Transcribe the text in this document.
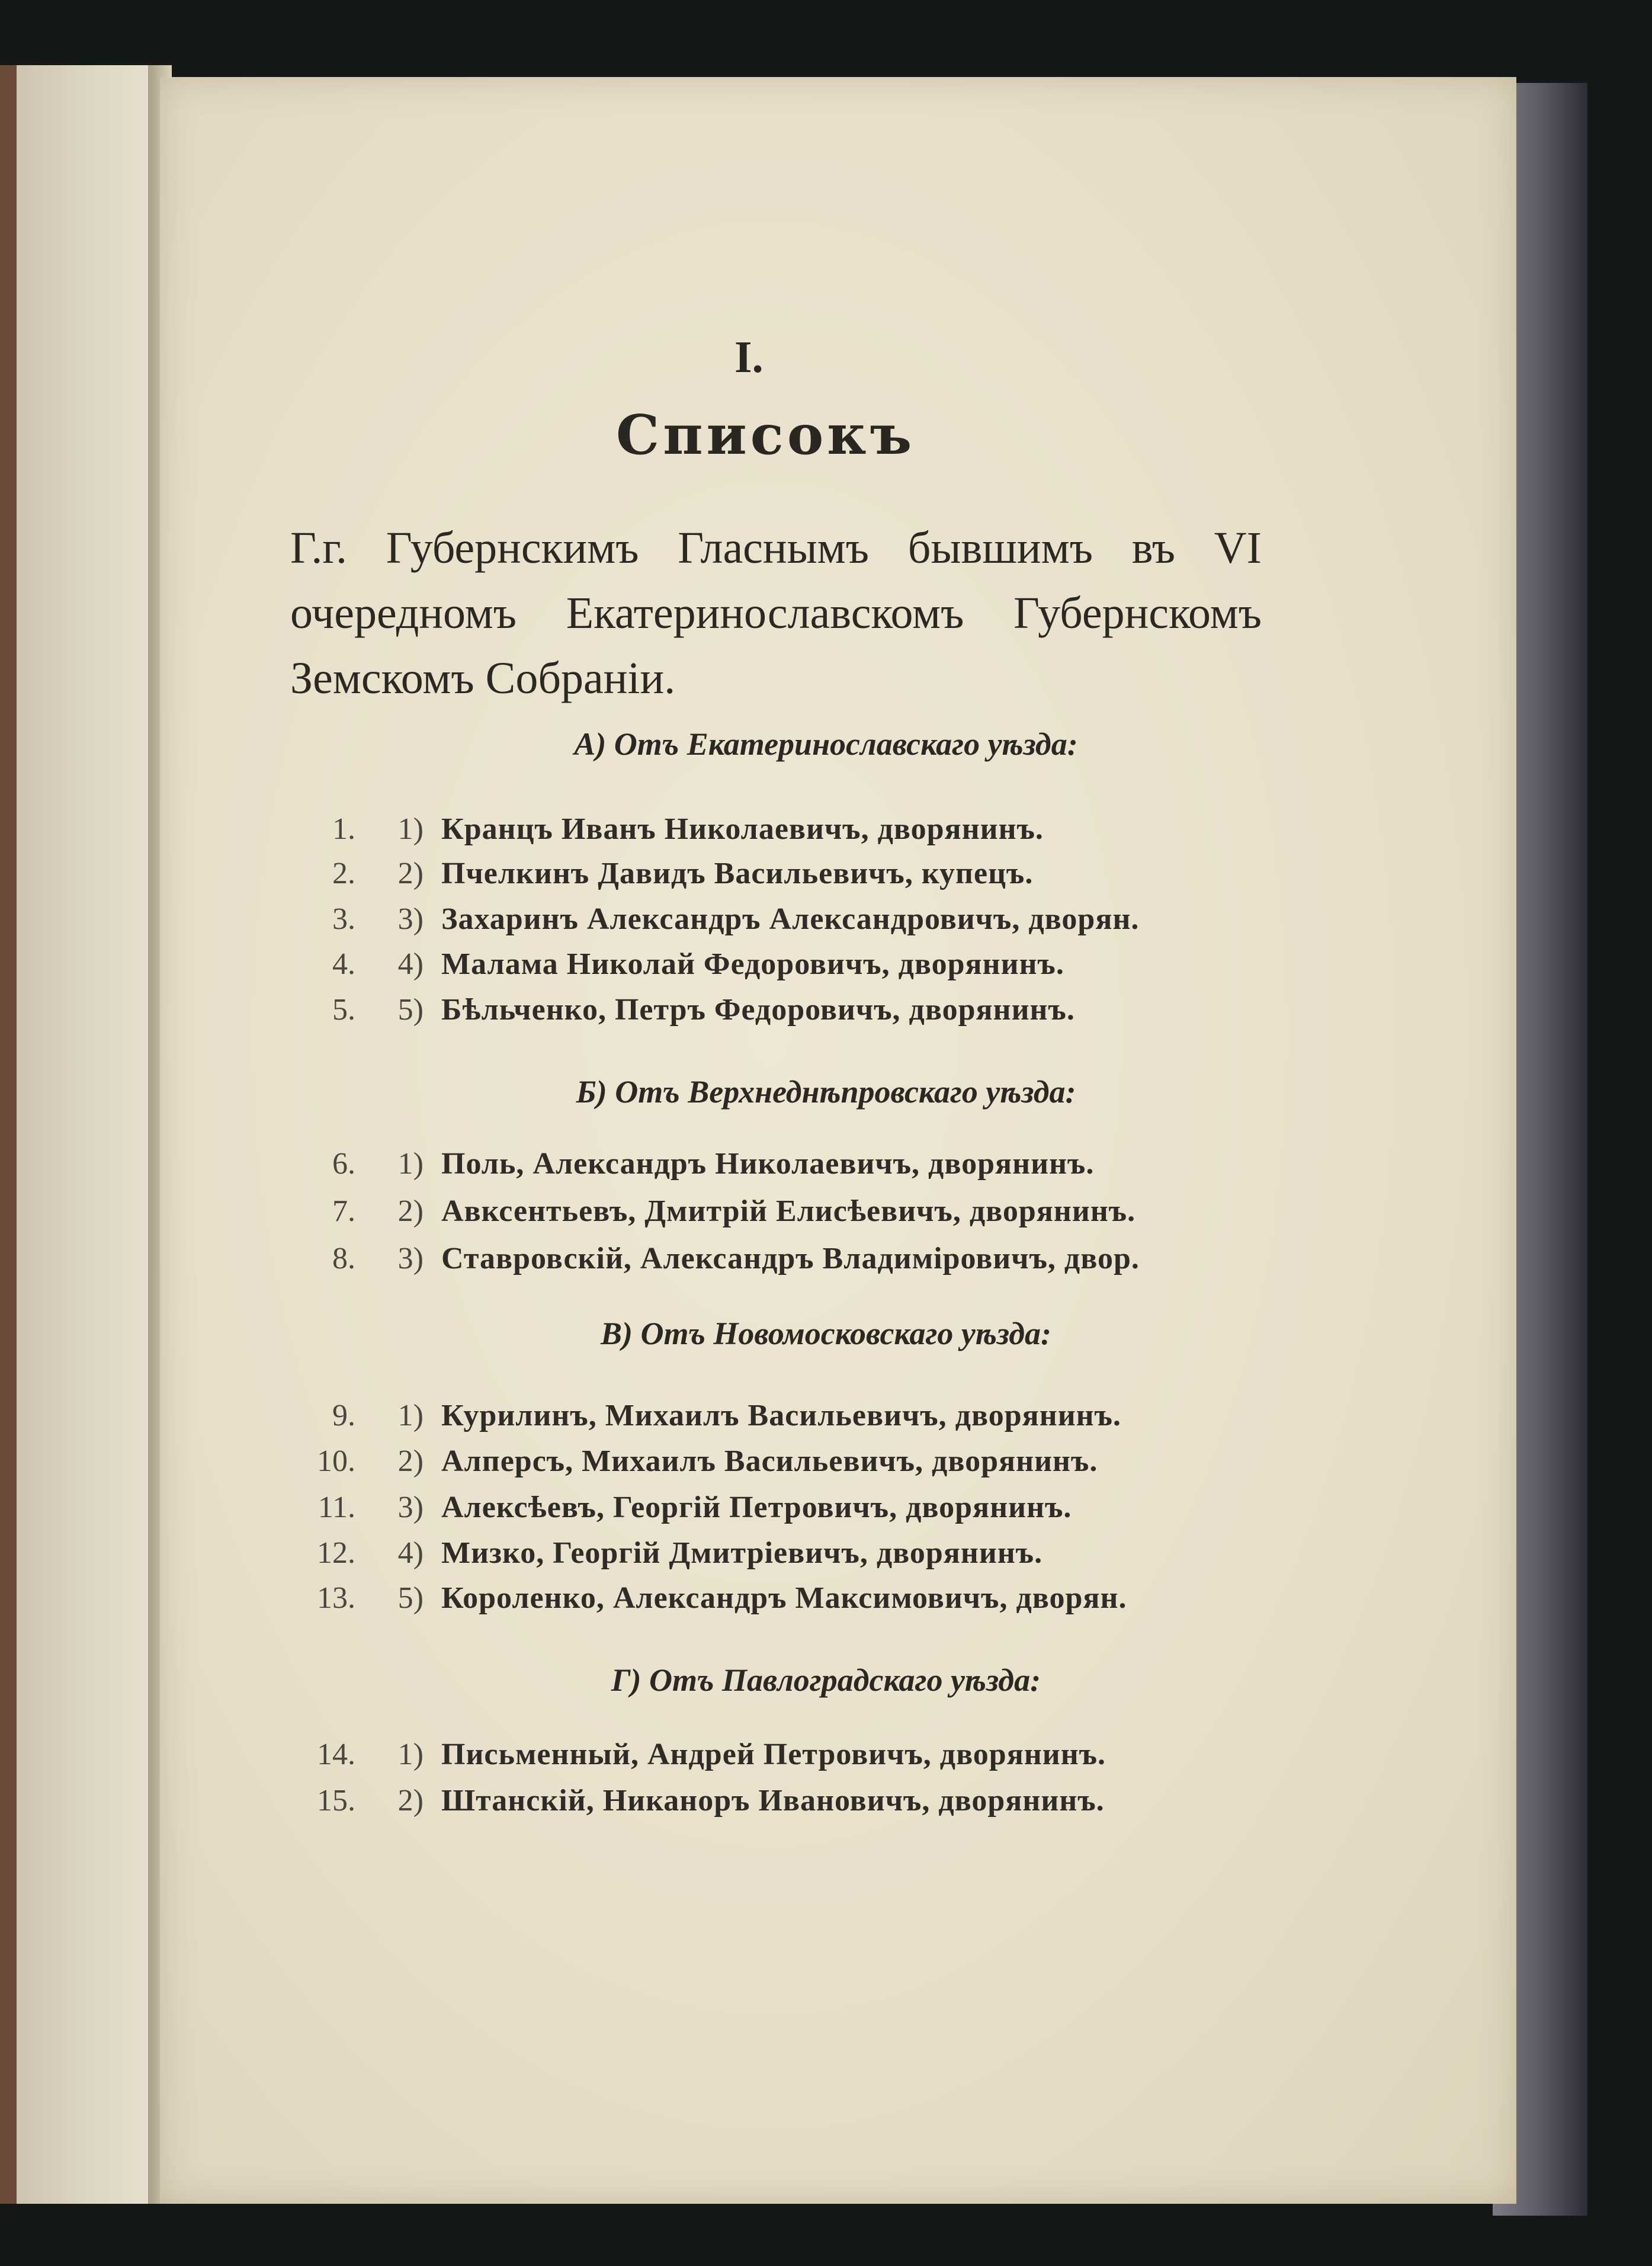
I.
Списокъ
Г.г. Губернскимъ Гласнымъ бывшимъ въ VI очередномъ Екатеринославскомъ Губернскомъ Земскомъ Собраніи.
А) Отъ Екатеринославскаго уѣзда:
1. 1) Кранцъ Иванъ Николаевичъ, дворянинъ.
2. 2) Пчелкинъ Давидъ Васильевичъ, купецъ.
3. 3) Захаринъ Александръ Александровичъ, дворян.
4. 4) Малама Николай Федоровичъ, дворянинъ.
5. 5) Бѣльченко, Петръ Федоровичъ, дворянинъ.
Б) Отъ Верхнеднѣпровскаго уѣзда:
6. 1) Поль, Александръ Николаевичъ, дворянинъ.
7. 2) Авксентьевъ, Дмитрій Елисѣевичъ, дворянинъ.
8. 3) Ставровскій, Александръ Владиміровичъ, двор.
В) Отъ Новомосковскаго уѣзда:
9. 1) Курилинъ, Михаилъ Васильевичъ, дворянинъ.
10. 2) Алперсъ, Михаилъ Васильевичъ, дворянинъ.
11. 3) Алексѣевъ, Георгій Петровичъ, дворянинъ.
12. 4) Мизко, Георгій Дмитріевичъ, дворянинъ.
13. 5) Короленко, Александръ Максимовичъ, дворян.
Г) Отъ Павлоградскаго уѣзда:
14. 1) Письменный, Андрей Петровичъ, дворянинъ.
15. 2) Штанскій, Никаноръ Ивановичъ, дворянинъ.
